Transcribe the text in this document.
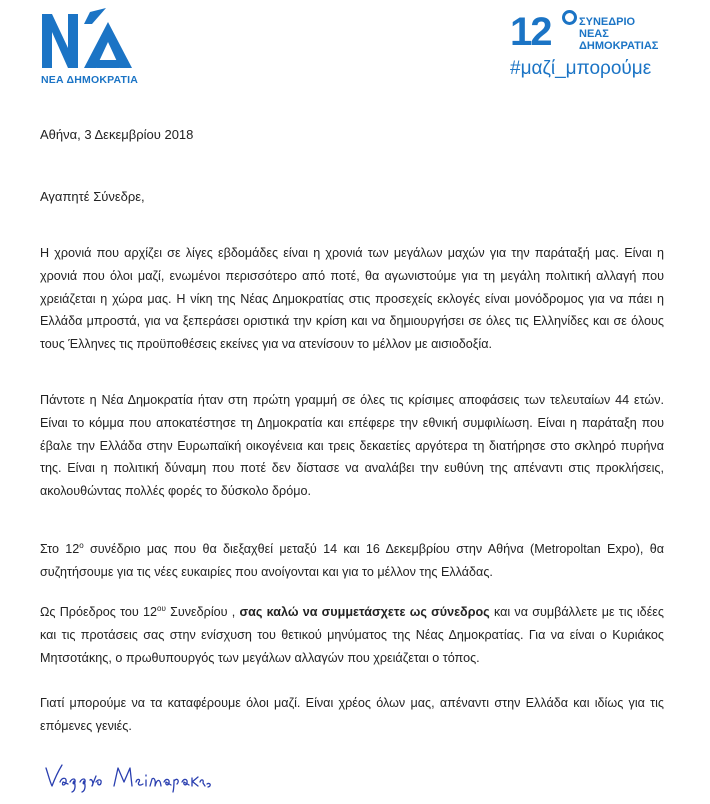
ΝΕΑ ΔΗΜΟΚΡΑΤΙΑ
12	ΣΥΝΕΔΡΙΟ
ΝΕΑΣ
ΔΗΜΟΚΡΑΤΙΑΣ
#μαζί_μπορούμε
Αθήνα, 3 Δεκεμβρίου 2018
Αγαπητέ Σύνεδρε,
Η χρονιά που αρχίζει σε λίγες εβδομάδες είναι η χρονιά των μεγάλων μαχών για την παράταξή μας. Είναι η χρονιά που όλοι μαζί, ενωμένοι περισσότερο από ποτέ, θα αγωνιστούμε για τη μεγάλη πολιτική αλλαγή που χρειάζεται η χώρα μας. Η νίκη της Νέας Δημοκρατίας στις προσεχείς εκλογές είναι μονόδρομος για να πάει η Ελλάδα μπροστά, για να ξεπεράσει οριστικά την κρίση και να δημιουργήσει σε όλες τις Ελληνίδες και σε όλους τους Έλληνες τις προϋποθέσεις εκείνες για να ατενίσουν το μέλλον με αισιοδοξία.
Πάντοτε η Νέα Δημοκρατία ήταν στη πρώτη γραμμή σε όλες τις κρίσιμες αποφάσεις των τελευταίων 44 ετών. Είναι το κόμμα που αποκατέστησε τη Δημοκρατία και επέφερε την εθνική συμφιλίωση. Είναι η παράταξη που έβαλε την Ελλάδα στην Ευρωπαϊκή οικογένεια και τρεις δεκαετίες αργότερα τη διατήρησε στο σκληρό πυρήνα της. Είναι η πολιτική δύναμη που ποτέ δεν δίστασε να αναλάβει την ευθύνη της απέναντι στις προκλήσεις, ακολουθώντας πολλές φορές το δύσκολο δρόμο.
Στο $12^o$ συνέδριο μας που θα διεξαχθεί μεταξύ 14 και 16 Δεκεμβρίου στην Αθήνα (Metropoltan Expo), θα συζητήσουμε για τις νέες ευκαιρίες που ανοίγονται και για το μέλλον της Ελλάδας.
Ως Πρόεδρος του $12^{o\upsilon}$ Συνεδρίου , σας καλώ να συμμετάσχετε ως σύνεδρος και να συμβάλλετε με τις ιδέες και τις προτάσεις σας στην ενίσχυση του θετικού μηνύματος της Νέας Δημοκρατίας. Για να είναι ο Κυριάκος Μητσοτάκης, ο πρωθυπουργός των μεγάλων αλλαγών που χρειάζεται ο τόπος.
Γιατί μπορούμε να τα καταφέρουμε όλοι μαζί. Είναι χρέος όλων μας, απέναντι στην Ελλάδα και ιδίως για τις επόμενες γενιές.
